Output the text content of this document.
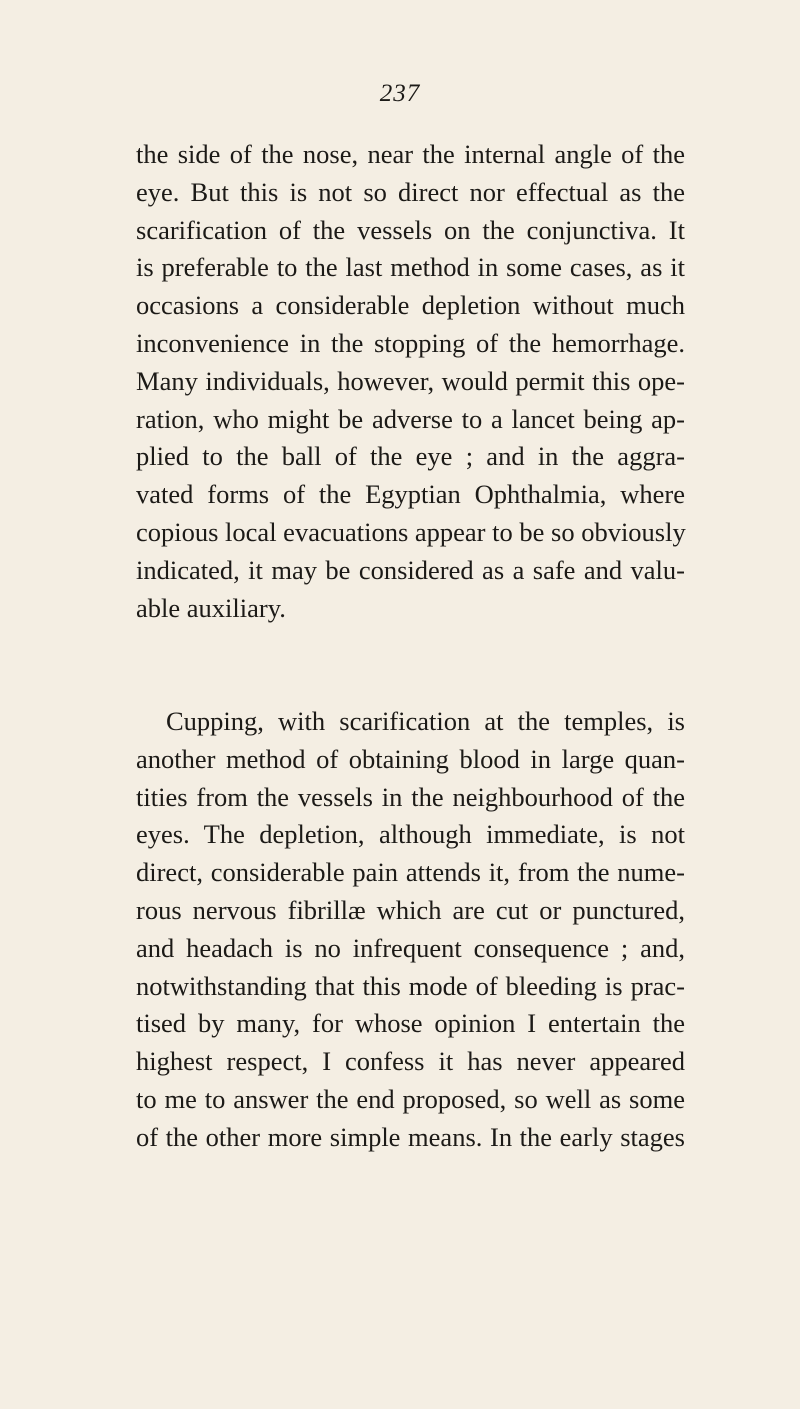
237
the side of the nose, near the internal angle of the
eye. But this is not so direct nor effectual as the
scarification of the vessels on the conjunctiva. It
is preferable to the last method in some cases, as it
occasions a considerable depletion without much
inconvenience in the stopping of the hemorrhage.
Many individuals, however, would permit this ope-
ration, who might be adverse to a lancet being ap-
plied to the ball of the eye ; and in the aggra-
vated forms of the Egyptian Ophthalmia, where
copious local evacuations appear to be so obviously
indicated, it may be considered as a safe and valu-
able auxiliary.
Cupping, with scarification at the temples, is
another method of obtaining blood in large quan-
tities from the vessels in the neighbourhood of the
eyes. The depletion, although immediate, is not
direct, considerable pain attends it, from the nume-
rous nervous fibrillæ which are cut or punctured,
and headach is no infrequent consequence ; and,
notwithstanding that this mode of bleeding is prac-
tised by many, for whose opinion I entertain the
highest respect, I confess it has never appeared
to me to answer the end proposed, so well as some
of the other more simple means. In the early stages
